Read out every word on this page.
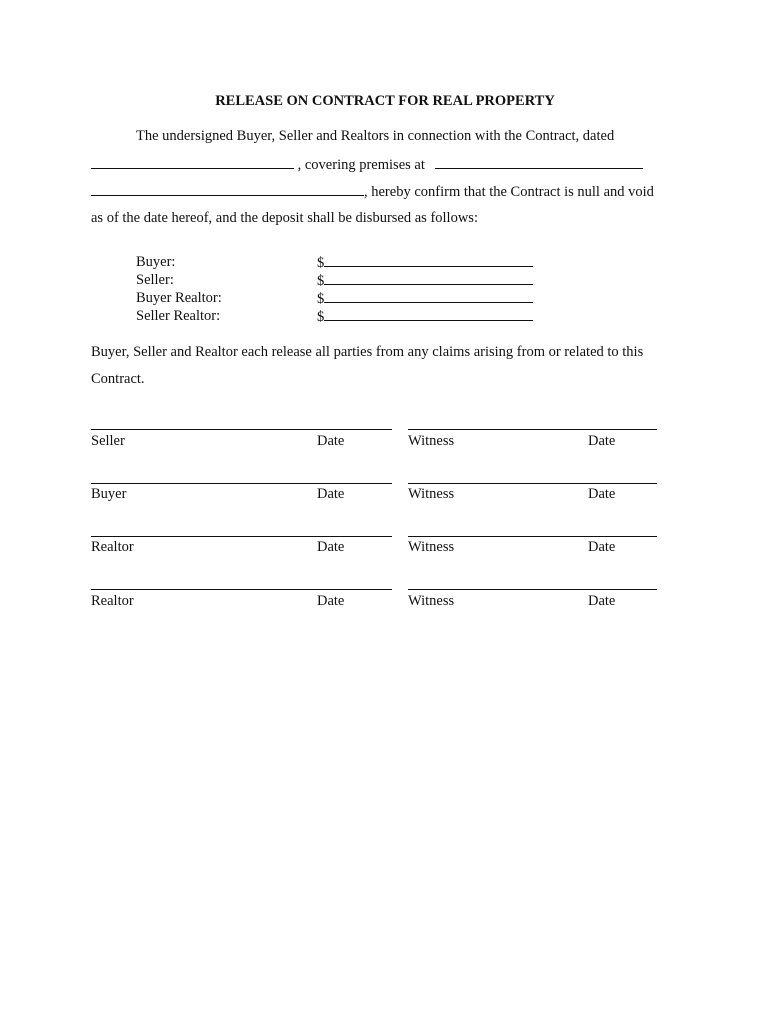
RELEASE ON CONTRACT FOR REAL PROPERTY
The undersigned Buyer, Seller and Realtors in connection with the Contract, dated
, covering premises at
, hereby confirm that the Contract is null and void
as of the date hereof, and the deposit shall be disbursed as follows:
Buyer:	$
Seller:	$
Buyer Realtor:	$
Seller Realtor:	$
Buyer, Seller and Realtor each release all parties from any claims arising from or related to this
Contract.
Seller	Date	Witness	Date
Buyer	Date	Witness	Date
Realtor	Date	Witness	Date
Realtor	Date	Witness	Date
